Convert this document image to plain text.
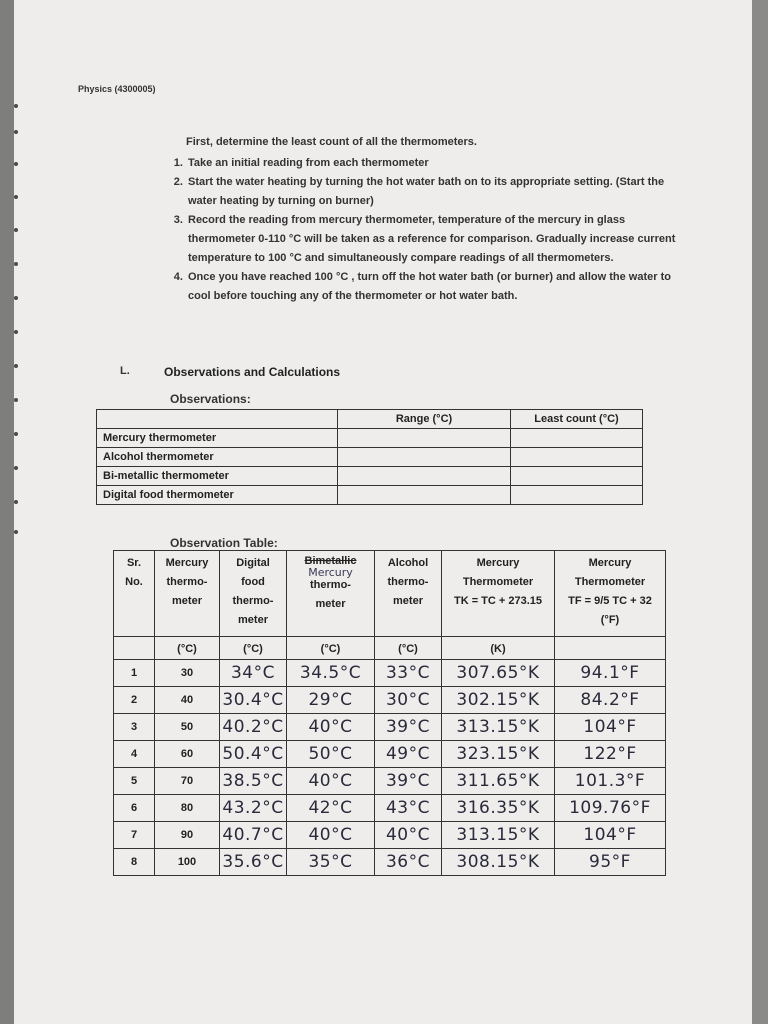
Physics (4300005)
First, determine the least count of all the thermometers.
1. Take an initial reading from each thermometer
2. Start the water heating by turning the hot water bath on to its appropriate setting. (Start the water heating by turning on burner)
3. Record the reading from mercury thermometer, temperature of the mercury in glass thermometer 0-110 °C will be taken as a reference for comparison. Gradually increase current temperature to 100 °C and simultaneously compare readings of all thermometers.
4. Once you have reached 100 °C , turn off the hot water bath (or burner) and allow the water to cool before touching any of the thermometer or hot water bath.
L.	Observations and Calculations
Observations:
	Range (°C)	Least count (°C)
Mercury thermometer		
Alcohol thermometer		
Bi-metallic thermometer		
Digital food thermometer		
Observation Table:
Sr.
No.	Mercury
thermo-
meter	Digital
food
thermo-
meter	Bimetallic
Mercury
thermo-
meter	Alcohol
thermo-
meter	Mercury
Thermometer
TK = TC + 273.15	Mercury
Thermometer
TF = 9/5 TC + 32
(°F)
	(°C)	(°C)	(°C)	(°C)	(K)	
1	30	34°C	34.5°C	33°C	307.65°K	94.1°F
2	40	30.4°C	29°C	30°C	302.15°K	84.2°F
3	50	40.2°C	40°C	39°C	313.15°K	104°F
4	60	50.4°C	50°C	49°C	323.15°K	122°F
5	70	38.5°C	40°C	39°C	311.65°K	101.3°F
6	80	43.2°C	42°C	43°C	316.35°K	109.76°F
7	90	40.7°C	40°C	40°C	313.15°K	104°F
8	100	35.6°C	35°C	36°C	308.15°K	95°F
